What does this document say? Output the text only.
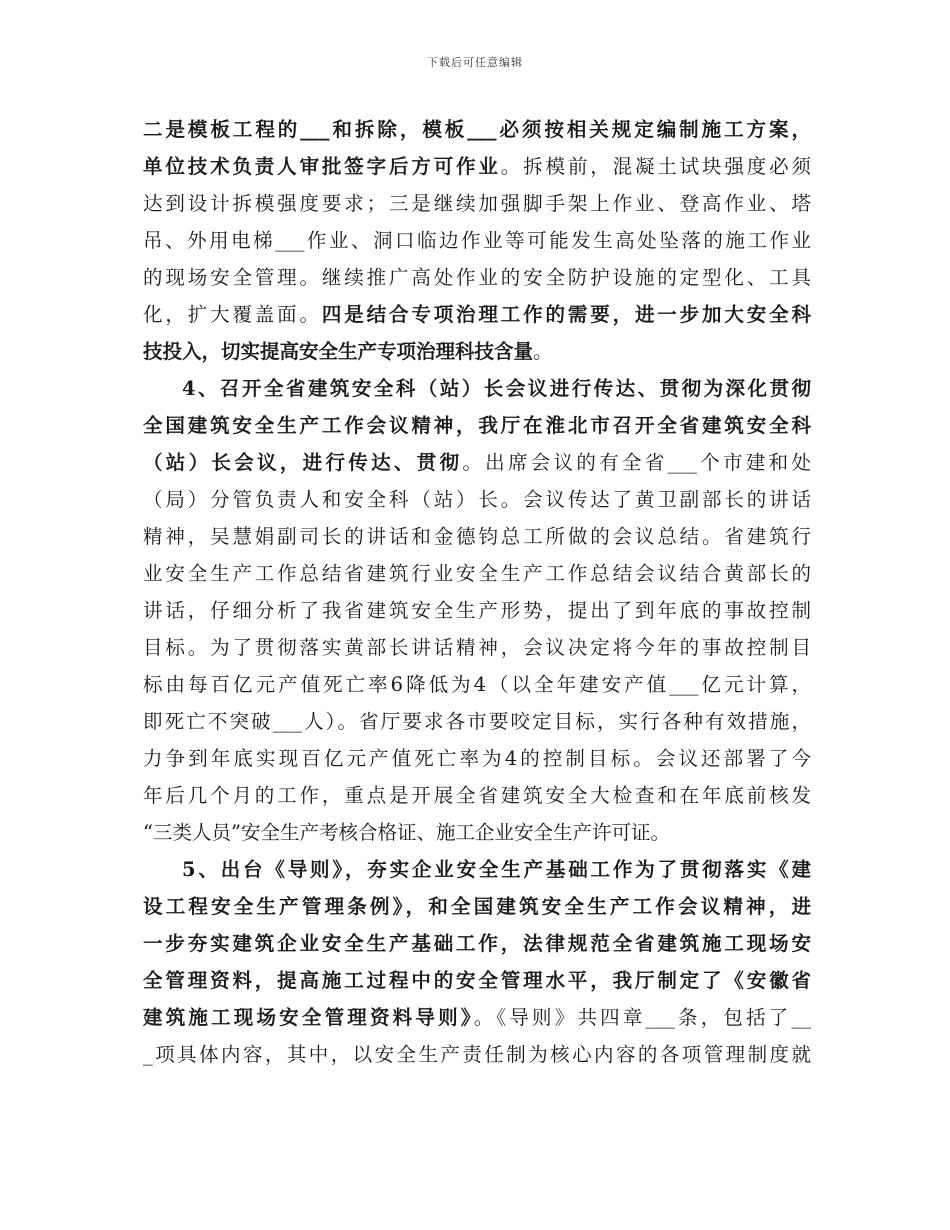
下载后可任意编辑
二是模板工程的___和拆除，模板___必须按相关规定编制施工方案，
单位技术负责人审批签字后方可作业。拆模前，混凝土试块强度必须
达到设计拆模强度要求；三是继续加强脚手架上作业、登高作业、塔
吊、外用电梯___作业、洞口临边作业等可能发生高处坠落的施工作业
的现场安全管理。继续推广高处作业的安全防护设施的定型化、工具
化，扩大覆盖面。四是结合专项治理工作的需要，进一步加大安全科
技投入，切实提高安全生产专项治理科技含量。
4、召开全省建筑安全科（站）长会议进行传达、贯彻为深化贯彻
全国建筑安全生产工作会议精神，我厅在淮北市召开全省建筑安全科
（站）长会议，进行传达、贯彻。出席会议的有全省___个市建和处
（局）分管负责人和安全科（站）长。会议传达了黄卫副部长的讲话
精神，吴慧娟副司长的讲话和金德钧总工所做的会议总结。省建筑行
业安全生产工作总结省建筑行业安全生产工作总结会议结合黄部长的
讲话，仔细分析了我省建筑安全生产形势，提出了到年底的事故控制
目标。为了贯彻落实黄部长讲话精神，会议决定将今年的事故控制目
标由每百亿元产值死亡率6降低为4（以全年建安产值___亿元计算，
即死亡不突破___人）。省厅要求各市要咬定目标，实行各种有效措施，
力争到年底实现百亿元产值死亡率为4的控制目标。会议还部署了今
年后几个月的工作，重点是开展全省建筑安全大检查和在年底前核发
“三类人员”安全生产考核合格证、施工企业安全生产许可证。
5、出台《导则》，夯实企业安全生产基础工作为了贯彻落实《建
设工程安全生产管理条例》，和全国建筑安全生产工作会议精神，进
一步夯实建筑企业安全生产基础工作，法律规范全省建筑施工现场安
全管理资料，提高施工过程中的安全管理水平，我厅制定了《安徽省
建筑施工现场安全管理资料导则》。《导则》共四章___条，包括了__
_项具体内容，其中，以安全生产责任制为核心内容的各项管理制度就
